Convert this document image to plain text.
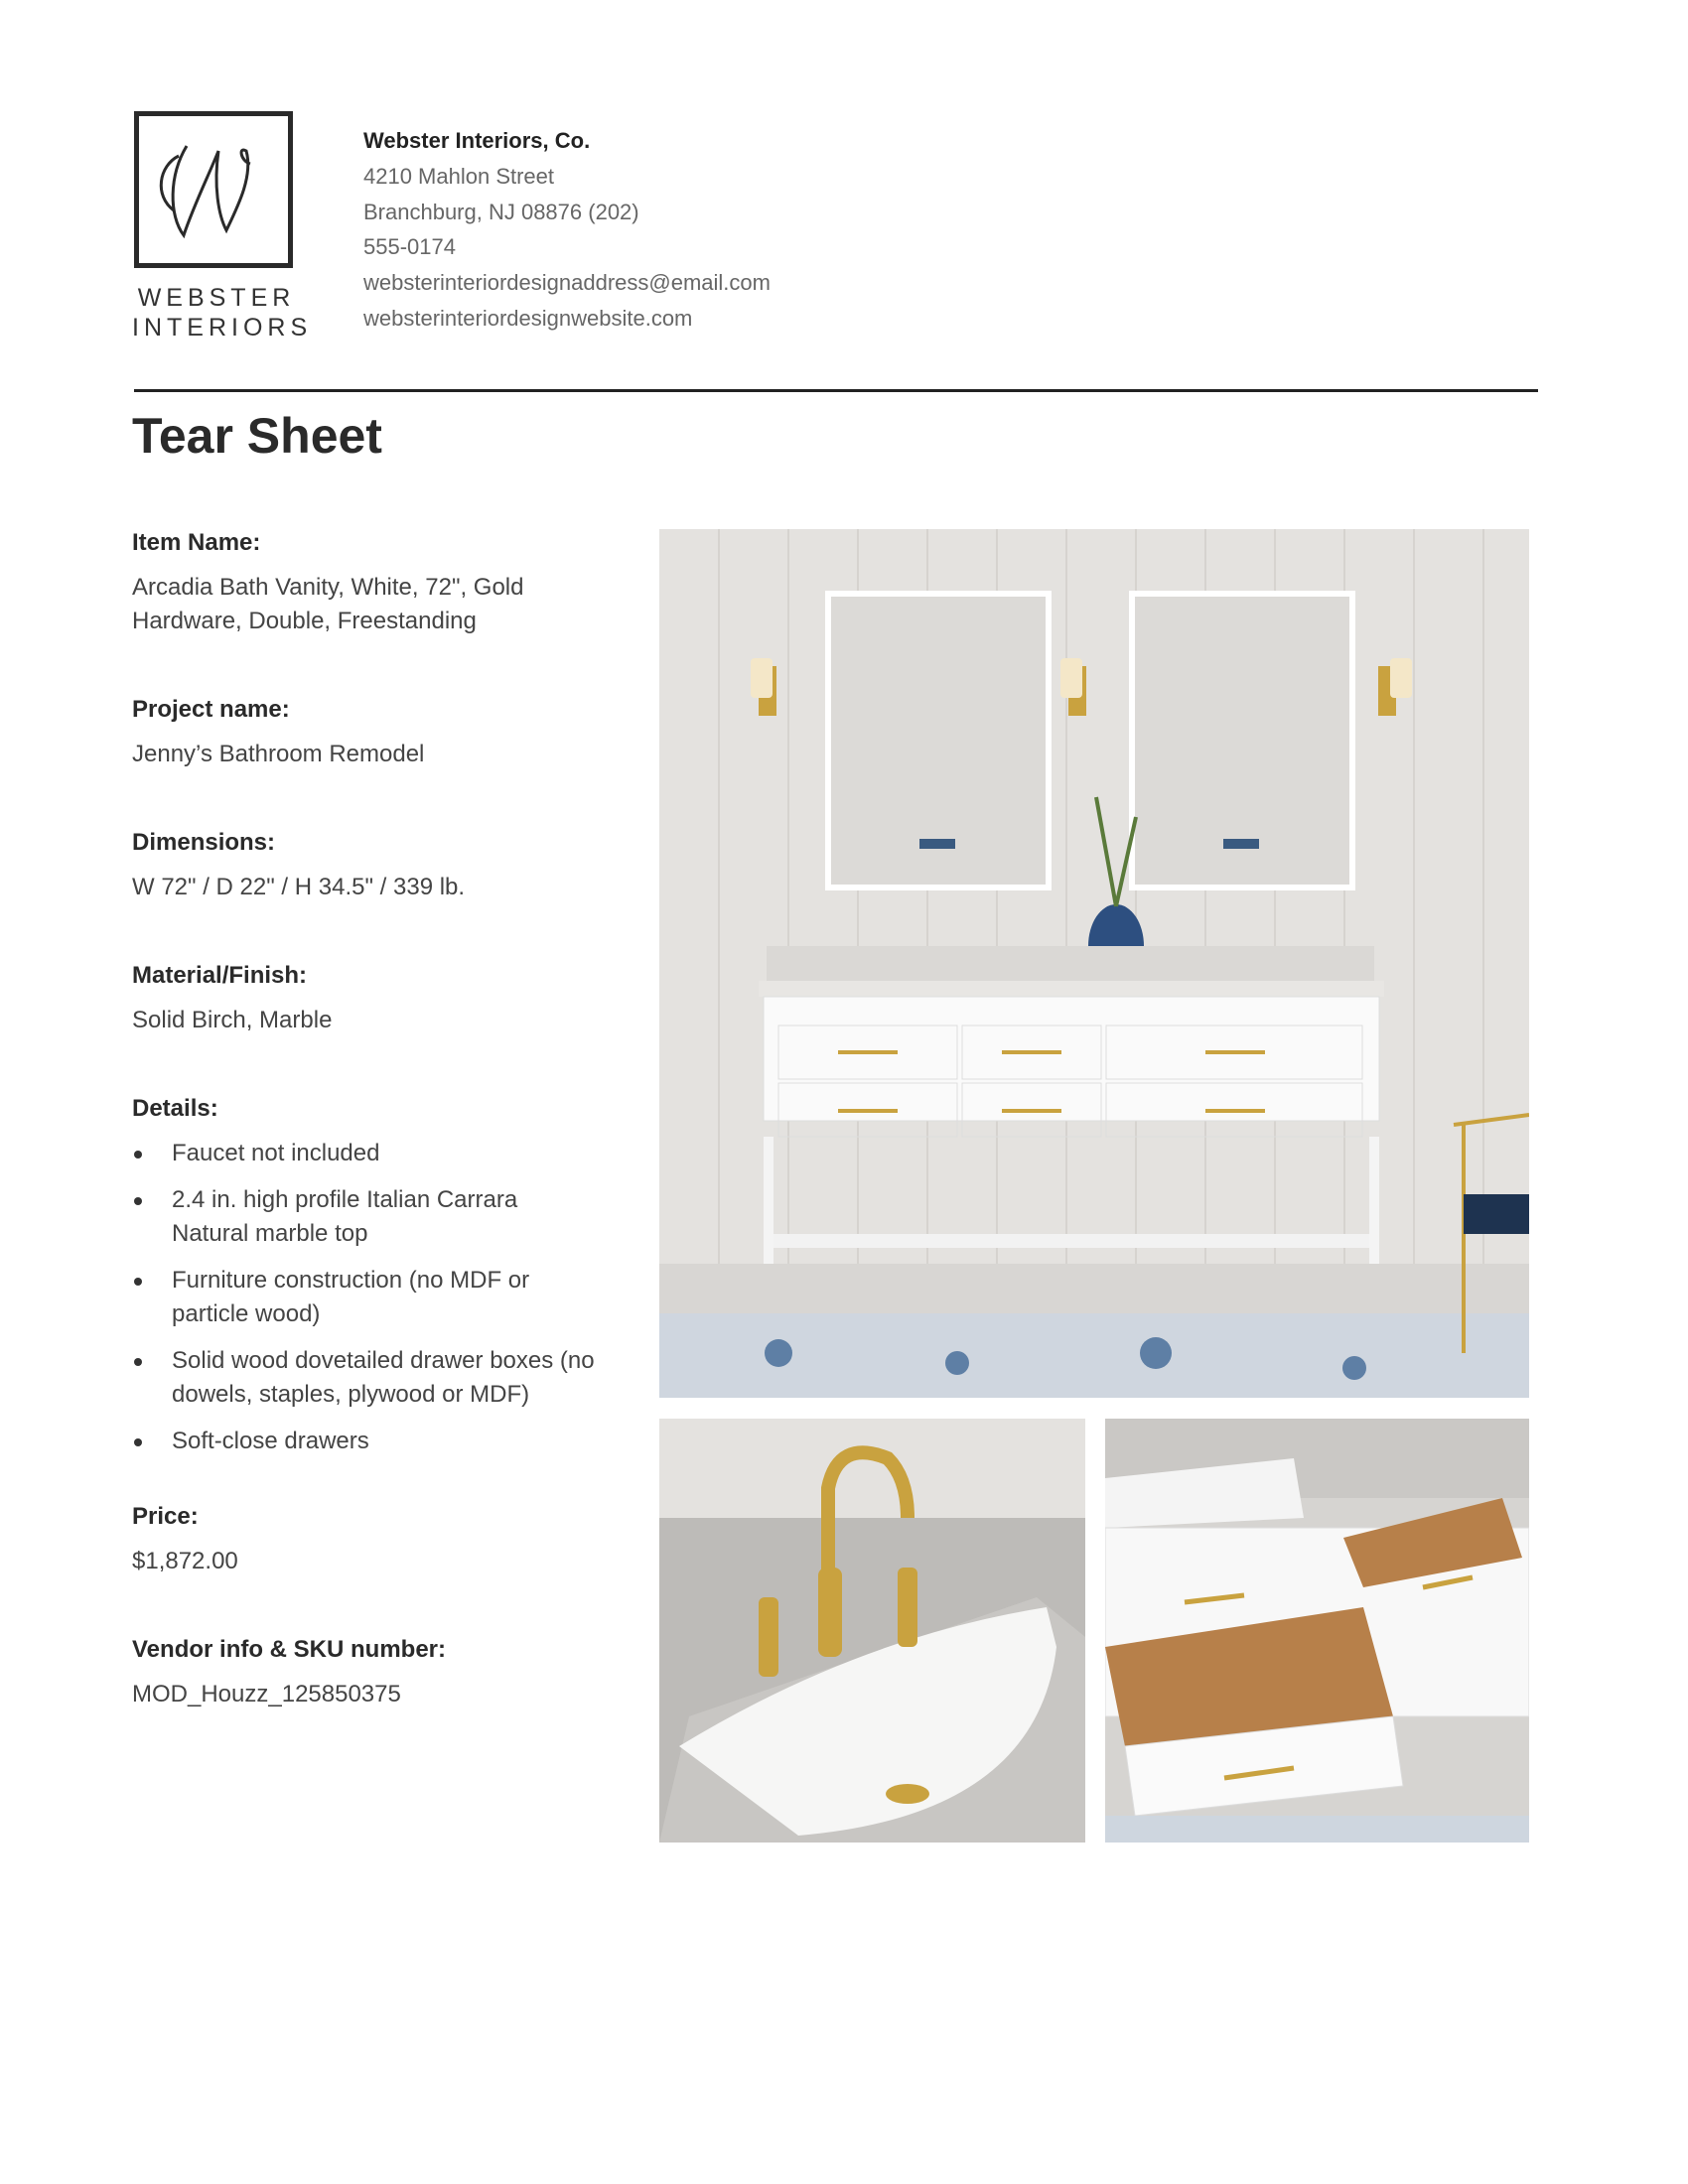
WEBSTER
INTERIORS
Webster Interiors, Co.
4210 Mahlon Street
Branchburg, NJ 08876 (202)
555-0174
websterinteriordesignaddress@email.com
websterinteriordesignwebsite.com
Tear Sheet
Item Name:
Arcadia Bath Vanity, White, 72", Gold Hardware, Double, Freestanding
Project name:
Jenny’s Bathroom Remodel
Dimensions:
W 72" / D 22" / H 34.5" / 339 lb.
Material/Finish:
Solid Birch, Marble
Details:
Faucet not included
2.4 in. high profile Italian Carrara Natural marble top
Furniture construction (no MDF or particle wood)
Solid wood dovetailed drawer boxes (no dowels, staples, plywood or MDF)
Soft-close drawers
Price:
$1,872.00
Vendor info & SKU number:
MOD_Houzz_125850375
